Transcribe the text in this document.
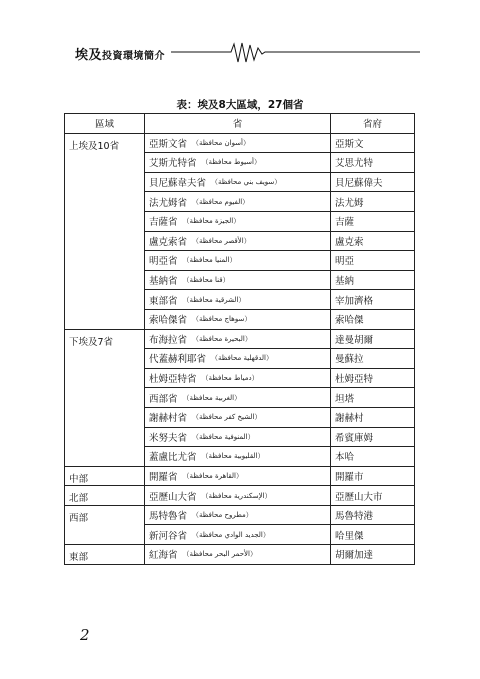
埃及投資環境簡介
表：埃及8大區域，27個省
區域	省	省府
上埃及10省	亞斯文省 （أسوان محافظة）	亞斯文

	艾斯尤特省 （أسيوط محافظة）	艾思尤特

	貝尼蘇韋夫省 （سويف بني محافظة）	貝尼蘇偉夫

	法尤姆省 （الفيوم محافظة）	法尤姆

	吉薩省 （الجيزة محافظة）	吉薩

	盧克索省 （الأقصر محافظة）	盧克索

	明亞省 （المنيا محافظة）	明亞

	基納省 （قنا محافظة）	基納

	東部省 （الشرقية محافظة）	宰加濟格

	索哈傑省 （سوهاج محافظة）	索哈傑
下埃及7省	布海拉省 （البحيرة محافظة）	達曼胡爾

	代蓋赫利耶省 （الدقهلية محافظة）	曼蘇拉

	杜姆亞特省 （دمياط محافظة）	杜姆亞特

	西部省 （الغربية محافظة）	坦塔

	謝赫村省 （الشيخ كفر محافظة）	謝赫村

	米努夫省 （المنوفية محافظة）	希賓庫姆

	蓋盧比尤省 （القليوبية محافظة）	本哈
中部	開羅省 （القاهرة محافظة）	開羅市
北部	亞歷山大省 （الإسكندرية محافظة）	亞歷山大市
西部	馬特魯省 （مطروح محافظة）	馬魯特港

	新河谷省 （الجديد الوادي محافظة）	哈里傑
東部	紅海省 （الأحمر البحر محافظة）	胡爾加達
2
